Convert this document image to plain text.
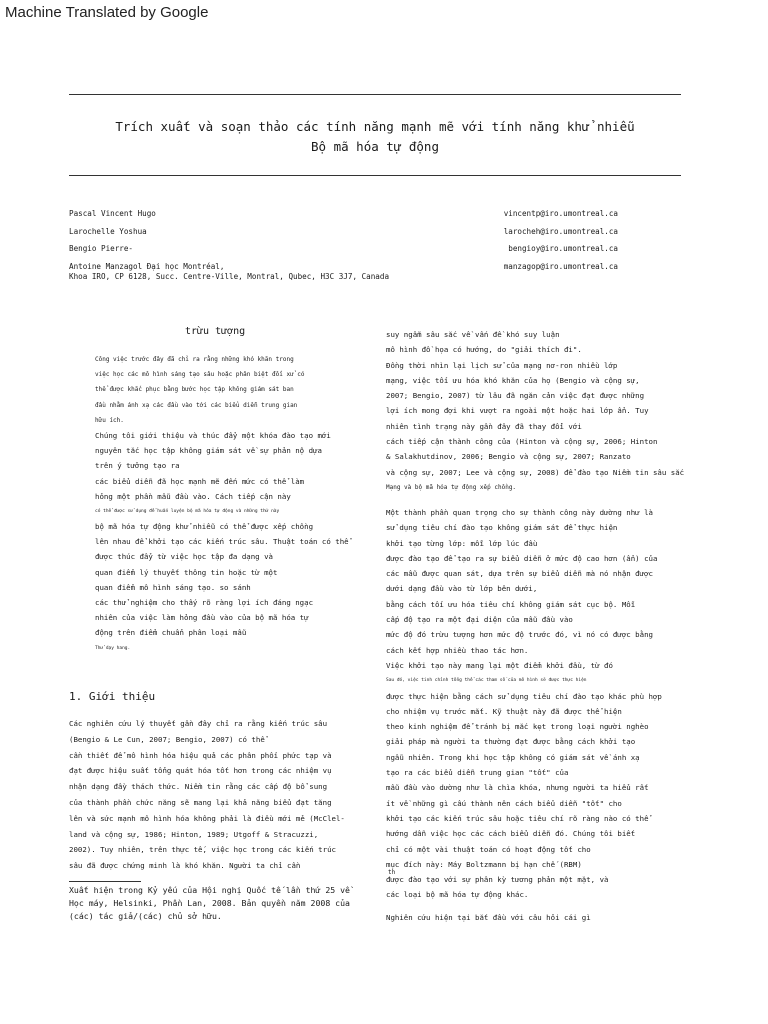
Machine Translated by Google
Trích xuất và soạn thảo các tính năng mạnh mẽ với tính năng khử nhiễu
Bộ mã hóa tự động
Pascal Vincent Hugo
Larochelle Yoshua
Bengio Pierre-
Antoine Manzagol Đại học Montréal,
vincentp@iro.umontreal.ca
larocheh@iro.umontreal.ca
bengioy@iro.umontreal.ca
manzagop@iro.umontreal.ca
Khoa IRO, CP 6128, Succ. Centre-Ville, Montral, Qubec, H3C 3J7, Canada
trừu tượng
Công việc trước đây đã chỉ ra rằng những khó khăn trong
việc học các mô hình sáng tạo sâu hoặc phân biệt đối xử có
thể được khắc phục bằng bước học tập không giám sát ban
đầu nhằm ánh xạ các đầu vào tới các biểu diễn trung gian
hữu ích.
Chúng tôi giới thiệu và thúc đẩy một khóa đào tạo mới
nguyên tắc học tập không giám sát về sự phản nộ dựa
trên ý tưởng tạo ra
các biểu diễn đã học mạnh mẽ đến mức có thể làm
hỏng một phần mẫu đầu vào. Cách tiếp cận này
có thể được sử dụng để huấn luyện bộ mã hóa tự động và những thứ này
bộ mã hóa tự động khử nhiễu có thể được xếp chồng
lên nhau để khởi tạo các kiến trúc sâu. Thuật toán có thể
được thúc đẩy từ việc học tập đa dạng và
quan điểm lý thuyết thông tin hoặc từ một
quan điểm mô hình sáng tạo. so sánh
các thử nghiệm cho thấy rõ ràng lợi ích đáng ngạc
nhiên của việc làm hỏng đầu vào của bộ mã hóa tự
động trên điểm chuẩn phân loại mẫu
Thử dạy hang.
1. Giới thiệu
Các nghiên cứu lý thuyết gần đây chỉ ra rằng kiến trúc sâu
(Bengio & Le Cun, 2007; Bengio, 2007) có thể
cần thiết để mô hình hóa hiệu quả các phân phối phức tạp và
đạt được hiệu suất tổng quát hóa tốt hơn trong các nhiệm vụ
nhận dạng đầy thách thức. Niềm tin rằng các cấp độ bổ sung
của thành phần chức năng sẽ mang lại khả năng biểu đạt tăng
lên và sức mạnh mô hình hóa không phải là điều mới mẻ (McClel-
land và cộng sự, 1986; Hinton, 1989; Utgoff & Stracuzzi,
2002). Tuy nhiên, trên thực tế, việc học trong các kiến trúc
sâu đã được chứng minh là khó khăn. Người ta chỉ cần
suy ngẫm sâu sắc về vấn đề khó suy luận
mô hình đồ họa có hướng, do "giải thích đi".
Đồng thời nhìn lại lịch sử của mạng nơ-ron nhiều lớp
mạng, việc tối ưu hóa khó khăn của họ (Bengio và cộng sự,
2007; Bengio, 2007) từ lâu đã ngăn cản việc đạt được những
lợi ích mong đợi khi vượt ra ngoài một hoặc hai lớp ẩn. Tuy
nhiên tình trạng này gần đây đã thay đổi với
cách tiếp cận thành công của (Hinton và cộng sự, 2006; Hinton
& Salakhutdinov, 2006; Bengio và cộng sự, 2007; Ranzato
và cộng sự, 2007; Lee và cộng sự, 2008) để đào tạo Niềm tin sâu sắc
Mạng và bộ mã hóa tự động xếp chồng.
Một thành phần quan trọng cho sự thành công này dường như là
sử dụng tiêu chí đào tạo không giám sát để thực hiện
khởi tạo từng lớp: mỗi lớp lúc đầu
được đào tạo để tạo ra sự biểu diễn ở mức độ cao hơn (ẩn) của
các mẫu được quan sát, dựa trên sự biểu diễn mà nó nhận được
dưới dạng đầu vào từ lớp bên dưới,
bằng cách tối ưu hóa tiêu chí không giám sát cục bộ. Mỗi
cấp độ tạo ra một đại diện của mẫu đầu vào
mức độ đó trừu tượng hơn mức độ trước đó, vì nó có được bằng
cách kết hợp nhiều thao tác hơn.
Việc khởi tạo này mang lại một điểm khởi đầu, từ đó
Sau đó, việc tinh chỉnh tổng thể các tham số của mô hình sẽ được thực hiện
được thực hiện bằng cách sử dụng tiêu chí đào tạo khác phù hợp
cho nhiệm vụ trước mắt. Kỹ thuật này đã được thể hiện
theo kinh nghiệm để tránh bị mắc kẹt trong loại người nghèo
giải pháp mà người ta thường đạt được bằng cách khởi tạo
ngẫu nhiên. Trong khi học tập không có giám sát về ánh xạ
tạo ra các biểu diễn trung gian "tốt" của
mẫu đầu vào dường như là chìa khóa, nhưng người ta hiểu rất
ít về những gì cấu thành nên cách biểu diễn "tốt" cho
khởi tạo các kiến trúc sâu hoặc tiêu chí rõ ràng nào có thể
hướng dẫn việc học các cách biểu diễn đó. Chúng tôi biết
chỉ có một vài thuật toán có hoạt động tốt cho
mục đích này: Máy Boltzmann bị hạn chế (RBM)
được đào tạo với sự phân kỳ tương phản một mặt, và
các loại bộ mã hóa tự động khác.
Nghiên cứu hiện tại bắt đầu với câu hỏi cái gì
th
Xuất hiện trong Kỷ yếu của Hội nghị Quốc tế lần thứ 25 về
Học máy, Helsinki, Phần Lan, 2008. Bản quyền năm 2008 của
(các) tác giả/(các) chủ sở hữu.
